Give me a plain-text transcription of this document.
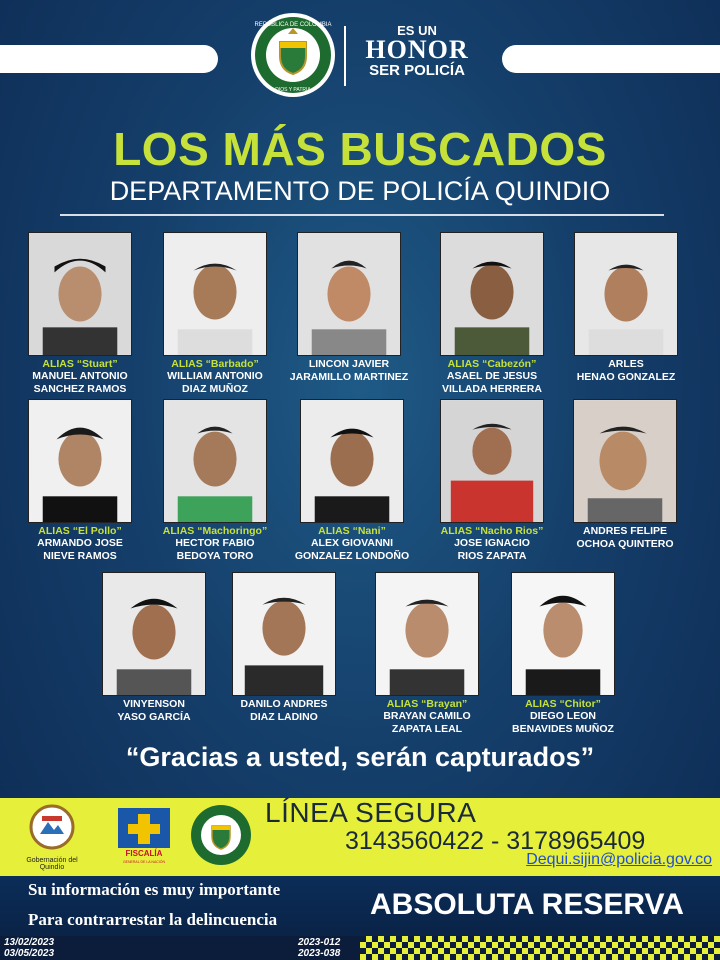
REPÚBLICA DE COLOMBIA
DIOS Y PATRIA
ES UN
HONOR
SER POLICÍA
LOS MÁS BUSCADOS
DEPARTAMENTO DE POLICÍA QUINDIO
ALIAS “Stuart”
MANUEL ANTONIO
SANCHEZ RAMOS
ALIAS “Barbado”
WILLIAM ANTONIO
DIAZ MUÑOZ
LINCON JAVIER
JARAMILLO MARTINEZ
ALIAS “Cabezón”
ASAEL DE JESUS
VILLADA HERRERA
ARLES
HENAO GONZALEZ
ALIAS “El Pollo”
ARMANDO JOSE
NIEVE RAMOS
ALIAS “Machoringo”
HECTOR FABIO
BEDOYA TORO
ALIAS “Nani”
ALEX GIOVANNI
GONZALEZ LONDOÑO
ALIAS “Nacho Rios”
JOSE IGNACIO
RIOS ZAPATA
ANDRES FELIPE
OCHOA QUINTERO
VINYENSON
YASO GARCÍA
DANILO ANDRES
DIAZ LADINO
ALIAS “Brayan”
BRAYAN CAMILO
ZAPATA LEAL
ALIAS “Chitor”
DIEGO LEON
BENAVIDES MUÑOZ
“Gracias a usted, serán capturados”
Gobernación del Quindío
FISCALÍA
GENERAL DE LA NACIÓN
LÍNEA SEGURA
3143560422 - 3178965409
Dequi.sijin@policia.gov.co
Su información es muy importante
Para contrarrestar la delincuencia	ABSOLUTA RESERVA
13/02/2023
03/05/2023
2023-012
2023-038
